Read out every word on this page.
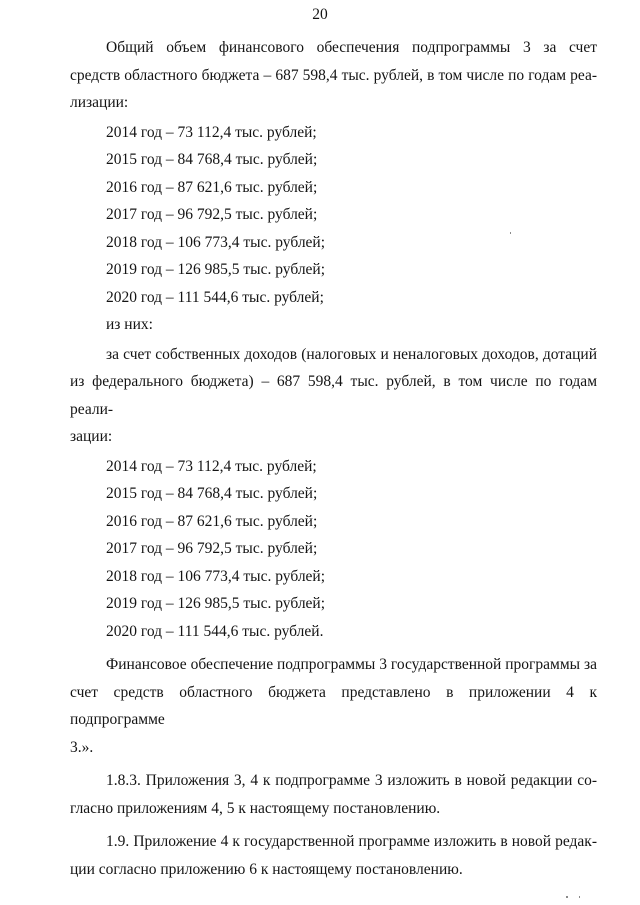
20
Общий объем финансового обеспечения подпрограммы 3 за счет
средств областного бюджета – 687 598,4 тыс. рублей, в том числе по годам реа-
лизации:
2014 год – 73 112,4 тыс. рублей;
2015 год – 84 768,4 тыс. рублей;
2016 год – 87 621,6 тыс. рублей;
2017 год – 96 792,5 тыс. рублей;
2018 год – 106 773,4 тыс. рублей;
2019 год – 126 985,5 тыс. рублей;
2020 год – 111 544,6 тыс. рублей;
из них:
за счет собственных доходов (налоговых и неналоговых доходов, дотаций
из федерального бюджета) – 687 598,4 тыс. рублей, в том числе по годам реали-
зации:
2014 год – 73 112,4 тыс. рублей;
2015 год – 84 768,4 тыс. рублей;
2016 год – 87 621,6 тыс. рублей;
2017 год – 96 792,5 тыс. рублей;
2018 год – 106 773,4 тыс. рублей;
2019 год – 126 985,5 тыс. рублей;
2020 год – 111 544,6 тыс. рублей.
Финансовое обеспечение подпрограммы 3 государственной программы за
счет средств областного бюджета представлено в приложении 4 к подпрограмме
3.».
1.8.3. Приложения 3, 4 к подпрограмме 3 изложить в новой редакции со-
гласно приложениям 4, 5 к настоящему постановлению.
1.9. Приложение 4 к государственной программе изложить в новой редак-
ции согласно приложению 6 к настоящему постановлению.
